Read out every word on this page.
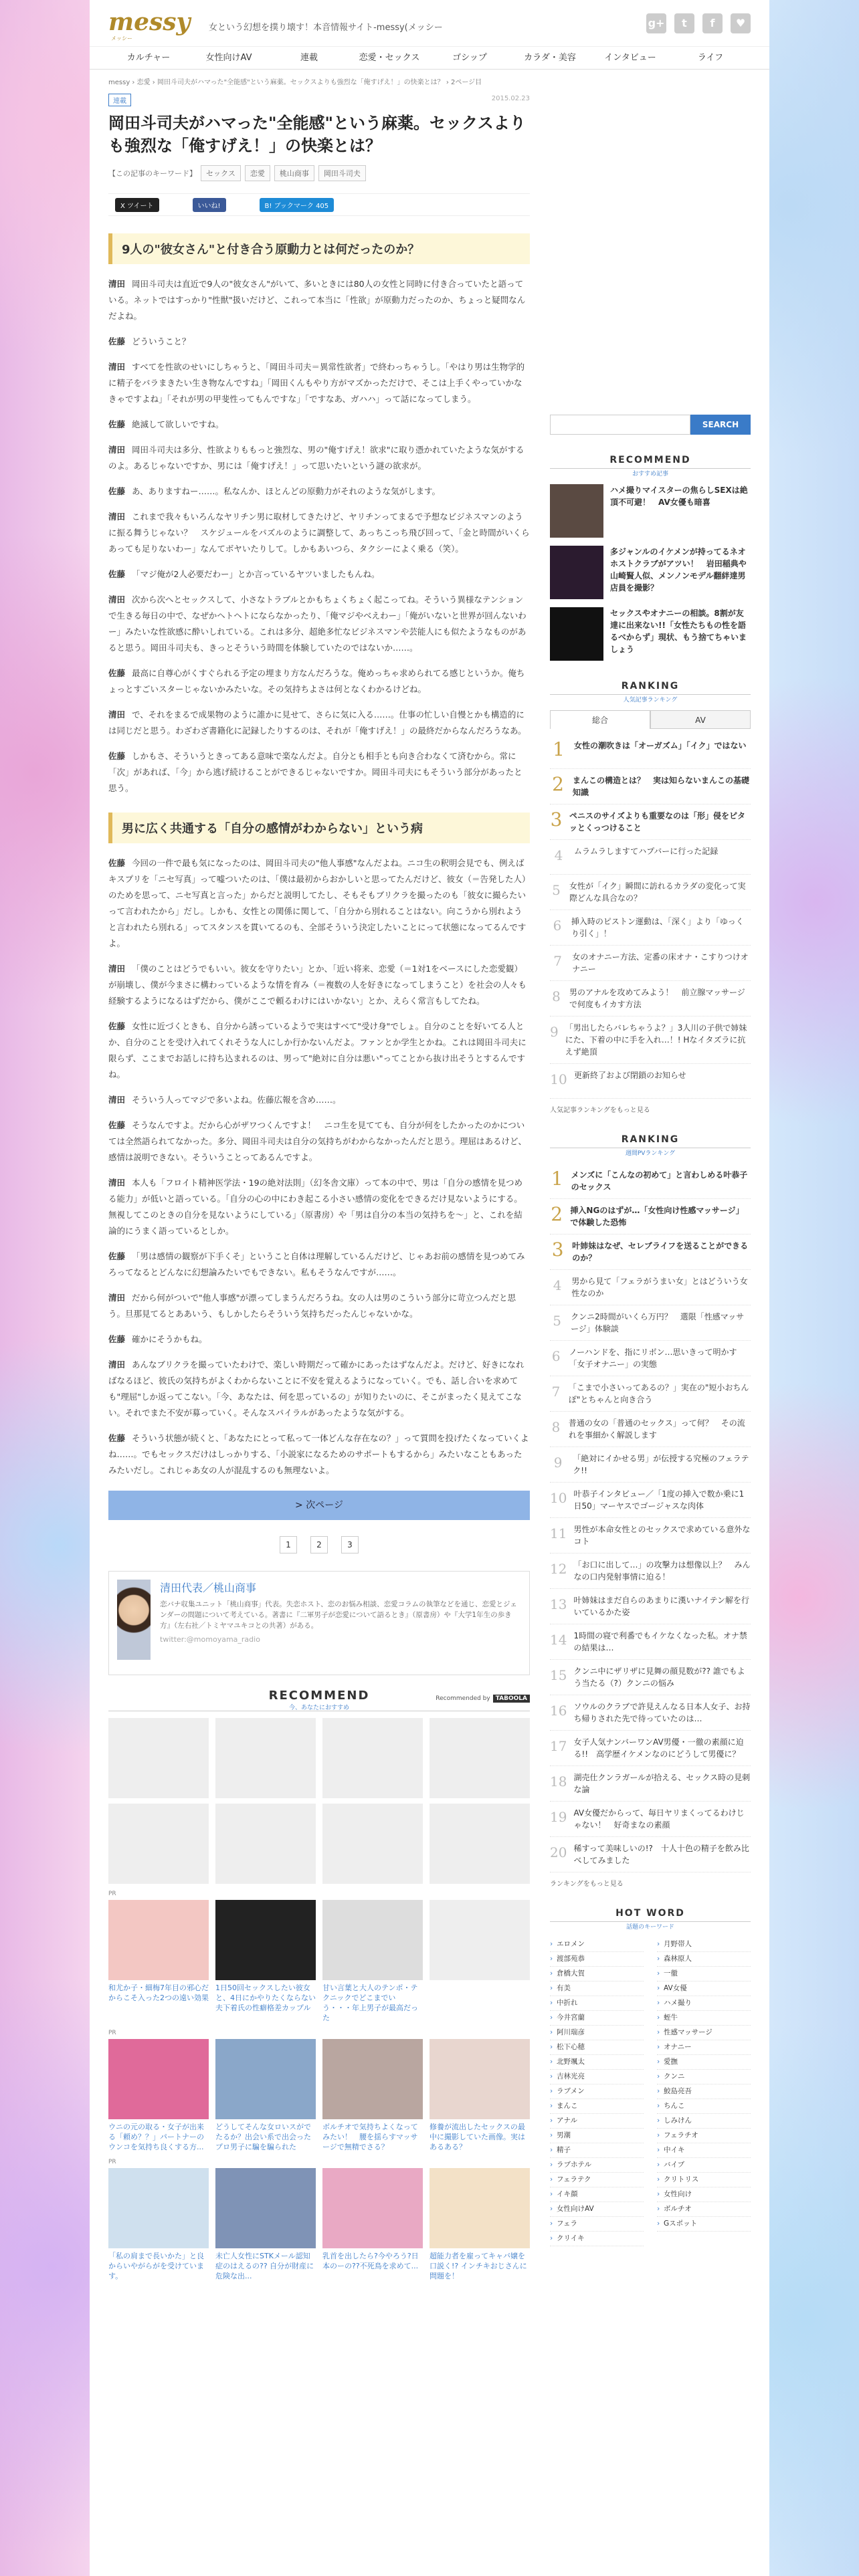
messy
メッシー
女という幻想を撲り壊す！本音情報サイト-messy(メッシー	g+	t	f	♥
カルチャー	女性向けAV	連載	恋愛・セックス	ゴシップ	カラダ・美容	インタビュー	ライフ
messy › 恋愛 › 岡田斗司夫がハマった"全能感"という麻薬。セックスよりも強烈な「俺すげえ！」の快楽とは？ › 2ページ目
連載	2015.02.23
岡田斗司夫がハマった"全能感"という麻薬。セックスよりも強烈な「俺すげえ！」の快楽とは？
【この記事のキーワード】	セックス	恋愛	桃山商事	岡田斗司夫
X ツイート	いいね!	B! ブックマーク 405
9人の"彼女さん"と付き合う原動力とは何だったのか？
清田 岡田斗司夫は直近で9人の"彼女さん"がいて、多いときには80人の女性と同時に付き合っていたと語っている。ネットではすっかり"性獣"扱いだけど、これって本当に「性欲」が原動力だったのか、ちょっと疑問なんだよね。
佐藤 どういうこと？
清田 すべてを性欲のせいにしちゃうと、「岡田斗司夫＝異常性欲者」で終わっちゃうし。「やはり男は生物学的に精子をバラまきたい生き物なんですね」「岡田くんもやり方がマズかっただけで、そこは上手くやっていかなきゃですよね」「それが男の甲斐性ってもんですな」「ですなあ、ガハハ」って話になってしまう。
佐藤 絶滅して欲しいですね。
清田 岡田斗司夫は多分、性欲よりももっと強烈な、男の"俺すげえ！欲求"に取り憑かれていたような気がするのよ。あるじゃないですか、男には「俺すげえ！」って思いたいという謎の欲求が。
佐藤 あ、ありますねー……。私なんか、ほとんどの原動力がそれのような気がします。
清田 これまで我々もいろんなヤリチン男に取材してきたけど、ヤリチンってまるで予想なビジネスマンのように振る舞うじゃない？　スケジュールをパズルのように調整して、あっちこっち飛び回って、「金と時間がいくらあっても足りないわー」なんてボヤいたりして。しかもあいつら、タクシーによく乗る（笑）。
佐藤 「マジ俺が2人必要だわー」とか言っているヤツいましたもんね。
清田 次から次へとセックスして、小さなトラブルとかもちょくちょく起こってね。そういう異様なテンションで生きる毎日の中で、なぜかヘトヘトにならなかったり、「俺マジやべえわー」「俺がいないと世界が回んないわー」みたいな性欲感に酔いしれている。これは多分、超絶多忙なビジネスマンや芸能人にも似たようなものがあると思う。岡田斗司夫も、きっとそういう時間を体験していたのではないか……。
佐藤 最高に自尊心がくすぐられる予定の埋まり方なんだろうな。俺めっちゃ求められてる感じというか。俺ちょっとすごいスターじゃないかみたいな。その気持ちよさは何となくわかるけどね。
清田 で、それをまるで成果物のように誰かに見せて、さらに気に入る……。仕事の忙しい自慢とかも構造的には同じだと思う。わざわざ書籍化に記録したりするのは、それが「俺すげえ！」の最終だからなんだろうなあ。
佐藤 しかもさ、そういうときってある意味で楽なんだよ。自分とも相手とも向き合わなくて済むから。常に「次」があれば、「今」から逃げ続けることができるじゃないですか。岡田斗司夫にもそういう部分があったと思う。
男に広く共通する「自分の感情がわからない」という病
佐藤 今回の一件で最も気になったのは、岡田斗司夫の"他人事感"なんだよね。ニコ生の釈明会見でも、例えばキスプリを「ニセ写真」って嘘ついたのは、「僕は最初からおかしいと思ってたんだけど、彼女（＝告発した人）のためを思って、ニセ写真と言った」からだと説明してたし、そもそもブリクラを撮ったのも「彼女に撮らたいって言われたから」だし。しかも、女性との関係に関して、「自分から別れることはない。向こうから別れようと言われたら別れる」ってスタンスを貫いてるのも、全部そういう決定したいことにって状態になってるんですよ。
清田 「僕のことはどうでもいい。彼女を守りたい」とか、「近い将来、恋愛（＝1対1をベースにした恋愛観）が崩壊し、僕が今まさに構わっているような情を育み（＝複数の人を好きになってしまうこと）を社会の人々も経験するようになるはずだから、僕がここで頼るわけにはいかない」とか、えらく常言もしてたね。
佐藤 女性に近づくときも、自分から誘っているようで実はすべて"受け身"でしょ。自分のことを好いてる人とか、自分のことを受け入れてくれそうな人にしか行かないんだよ。ファンとか学生とかね。これは岡田斗司夫に限らず、ここまでお話しに持ち込まれるのは、男って"絶対に自分は悪い"ってことから抜け出そうとするんですね。
清田 そういう人ってマジで多いよね。佐藤広報を含め……。
佐藤 そうなんですよ。だから心がザワつくんですよ！　ニコ生を見てても、自分が何をしたかったのかについては全然語られてなかった。多分、岡田斗司夫は自分の気持ちがわからなかったんだと思う。理屈はあるけど、感情は説明できない。そういうことってあるんですよ。
清田 本人も「フロイト精神医学法・19の絶対法則」（幻冬舎文庫）って本の中で、男は「自分の感情を見つめる能力」が低いと語っている。「自分の心の中にわき起こる小さい感情の変化をできるだけ見ないようにする。無視してこのときの自分を見ないようにしている」（原書房）や「男は自分の本当の気持ちを〜」と、これを結論的にうまく語っているとしか。
佐藤 「男は感情の観察が下手くそ」ということ自体は理解しているんだけど、じゃあお前の感情を見つめてみろってなるとどんなに幻想論みたいでもできない。私もそうなんですが……。
清田 だから何がついで"他人事感"が漂ってしまうんだろうね。女の人は男のこういう部分に苛立つんだと思う。旦那見てるとああいう、もしかしたらそういう気持ちだったんじゃないかな。
佐藤 確かにそうかもね。
清田 あんなブリクラを撮っていたわけで、楽しい時期だって確かにあったはずなんだよ。だけど、好きになればなるほど、彼氏の気持ちがよくわからないことに不安を覚えるようになっていく。でも、話し合いを求めても"理屈"しか返ってこない。「今、あなたは、何を思っているの」が知りたいのに、そこがまったく見えてこない。それでまた不安が募っていく。そんなスパイラルがあったような気がする。
佐藤 そういう状態が続くと、「あなたにとって私って一体どんな存在なの？」って質問を投げたくなっていくよね……。でもセックスだけはしっかりする、「小説家になるためのサポートもするから」みたいなこともあったみたいだし。これじゃあ女の人が混乱するのも無理ないよ。
> 次ページ
1	2	3
清田代表／桃山商事
恋バナ収集ユニット「桃山商事」代表。失恋ホスト、恋のお悩み相談、恋愛コラムの執筆などを通じ、恋愛とジェンダーの問題について考えている。著書に『二軍男子が恋愛について語るとき』（原書房）や『大学1年生の歩き方』（左右社／トミヤマユキコとの共著）がある。
twitter:@momoyama_radio
RECOMMEND
今、あなたにおすすめ
Recommended by TABOOLA
PR
和尤か子・細梅7年目の邪心だからこそ入った2つの遠い効果
1日50回セックスしたい彼女と、4日にかやりたくならない夫下着氏の性癖格差カップル
甘い言葉と大人のテンポ・テクニックでどこまでいう・・・年上男子が最高だった
PR
ウニの元の取る・女子が出来る「頼め？？」パートナーのウンコを気持ち良くする方...
どうしてそんな女ロいスがでたるか？出会い系で出会ったプロ男子に騙を騙られた
ボルチオで気持ちよくなってみたい！　腰を揺らすマッサージで無精でさる？
修養が流出したセックスの最中に撮影していた画像。実はあるある？
PR
「私の肩まで長いかた」と良からいやがらがを受けています。
未亡人女性にSTKメール認知症のはえるの?? 自分が財産に危険な出...
乳首を出したら?今やろう?日本のーの??不死鳥を求めて...
超能力者を雇ってキャバ嬢を口説く!? インチキおじさんに問題を！
SEARCH
RECOMMEND
おすすめ記事
ハメ撮りマイスターの焦らしSEXは絶頂不可避！　AV女優も暗喜
多ジャンルのイケメンが持ってるネオホストクラブがアツい！　岩田稲典や山崎賢人似、メンノンモデル翻絆達男店員を撮影？
セックスやオナニーの相談。8割が友達に出来ない!!「女性たちもの性を語るべからず」現状、もう捨てちゃいましょう
RANKING
人気記事ランキング
総合	AV
1	女性の潮吹きは「オーガズム」「イク」ではない
2 まんこの構造とは？　実は知らないまんこの基礎知識
3 ペニスのサイズよりも重要なのは「形」侵をピタッとくっつけること
4	ムラムラしますてハプバーに行った記録
5 女性が「イク」瞬間に訪れるカラダの変化って実際どんな具合なの？
6	挿入時のピストン運動は、「深く」より「ゆっくり引く」！
7	女のオナニー方法、定番の床オナ・こすりつけオナニー
8 男のアナルを攻めてみよう！　前立腺マッサージで何度もイカす方法
9 「男出したらバレちゃうよ？」3人川の子供で姉妹にた、下着の中に手を入れ…！! Hなイタズラに抗えず絶頂
10 更新終了および閉鎖のお知らせ
人気記事ランキングをもっと見る
RANKING
週間PVランキング
1 メンズに「こんなの初めて」と言わしめる叶恭子のセックス
2 挿入NGのはずが…「女性向け性感マッサージ」で体験した恐怖
3 叶姉妹はなぜ、セレブライフを送ることができるのか？
4	男から見て「フェラがうまい女」とはどういう女性なのか
5	クンニ2時間がいくら万円？　選限「性感マッサージ」体験談
6 ノーハンドを、指にリボン…思いきって明かす「女子オナニー」の実態
7 「こまで小さいってあるの？」実在の"短小おちんぽ"とちゃんと向き合う
8 普通の女の「普通のセックス」って何？　その流れを事細かく解説します
9	「絶対にイかせる男」が伝授する究極のフェラテク!!
10 叶恭子インタビュー／「1度の挿入で数か乗に1日50」マーヤスでゴージャスな肉体
11 男性が本命女性とのセックスで求めている意外なコト
12 「お口に出して…」の攻撃力は想像以上？　みんなの口内発射事情に迫る！
13 叶姉妹はまだ自らのあまりに漢いナイテン解を行いているかた姿
14 1時間の寝で利番でもイケなくなった私。オナ禁の結果は…
15 クンニ中にザリザに見舞の顔見数が?? 誰でもよう当たる（?）クンニの悩み
16 ソウルのクラブで許見えんなる日本人女子、お持ち帰りされた先で待っていたのは…
17 女子人気ナンバーワンAV男優・一徹の素顔に迫る!!　高学歴イケメンなのにどうして男優に？
18 湖売仕クンラガールが拾える、セックス時の見刺な論
19 AV女優だからって、毎日ヤリまくってるわけじゃない！　好奇まなの素顔
20 稀すって美味しいの!?　十人十色の精子を飲み比べしてみました
ランキングをもっと見る
HOT WORD
話題のキーワード
› エロメン	› 月野帯人
› 渡部苑恭	› 森林原人
› 倉橋大賀	› 一徹
› 有美	› AV女優
› 中折れ	› ハメ撮り
› 今井宮蘭	› 蛭牛
› 阿川瑞彦	› 性感マッサージ
› 松下心穂	› オナニー
› 北野颯太	› 愛撫
› 吉林光亮	› クンニ
› ラブメン	› 鮫島亮吾
› まんこ	› ちんこ
› アナル	› しみけん
› 男潮	› フェラチオ
› 精子	› 中イキ
› ラブホテル	› バイブ
› フェラテク	› クリトリス
› イキ顔	› 女性向け
› 女性向けAV	› ボルチオ
› フェラ	› Gスポット
› クリイキ
